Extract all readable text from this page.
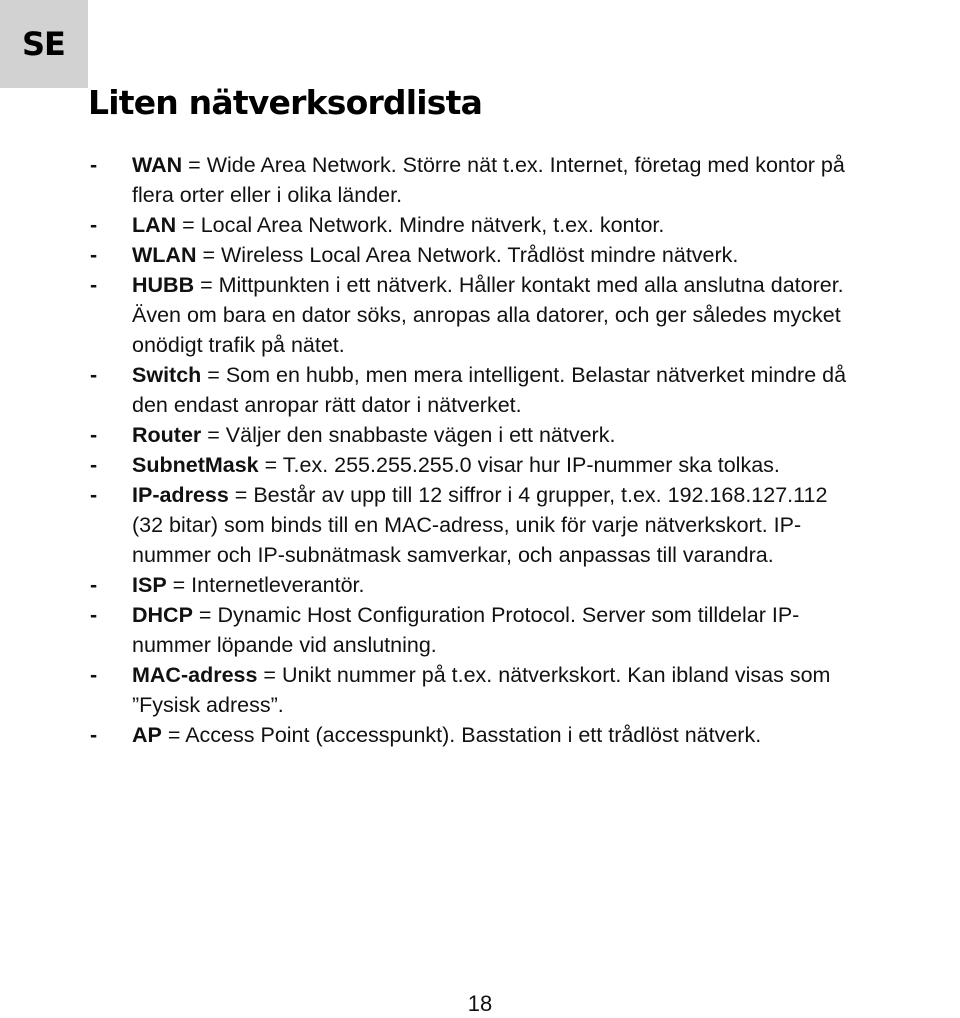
SE
Liten nätverksordlista
- WAN = Wide Area Network. Större nät t.ex. Internet, företag med kontor på
flera orter eller i olika länder.
- LAN = Local Area Network. Mindre nätverk, t.ex. kontor.
- WLAN = Wireless Local Area Network. Trådlöst mindre nätverk.
- HUBB = Mittpunkten i ett nätverk. Håller kontakt med alla anslutna datorer.
Även om bara en dator söks, anropas alla datorer, och ger således mycket
onödigt trafik på nätet.
- Switch = Som en hubb, men mera intelligent. Belastar nätverket mindre då
den endast anropar rätt dator i nätverket.
- Router = Väljer den snabbaste vägen i ett nätverk.
- SubnetMask = T.ex. 255.255.255.0 visar hur IP-nummer ska tolkas.
- IP-adress = Består av upp till 12 siffror i 4 grupper, t.ex. 192.168.127.112
(32 bitar) som binds till en MAC-adress, unik för varje nätverkskort. IP-
nummer och IP-subnätmask samverkar, och anpassas till varandra.
- ISP = Internetleverantör.
- DHCP = Dynamic Host Configuration Protocol. Server som tilldelar IP-
nummer löpande vid anslutning.
- MAC-adress = Unikt nummer på t.ex. nätverkskort. Kan ibland visas som
”Fysisk adress”.
- AP = Access Point (accesspunkt). Basstation i ett trådlöst nätverk.
18
